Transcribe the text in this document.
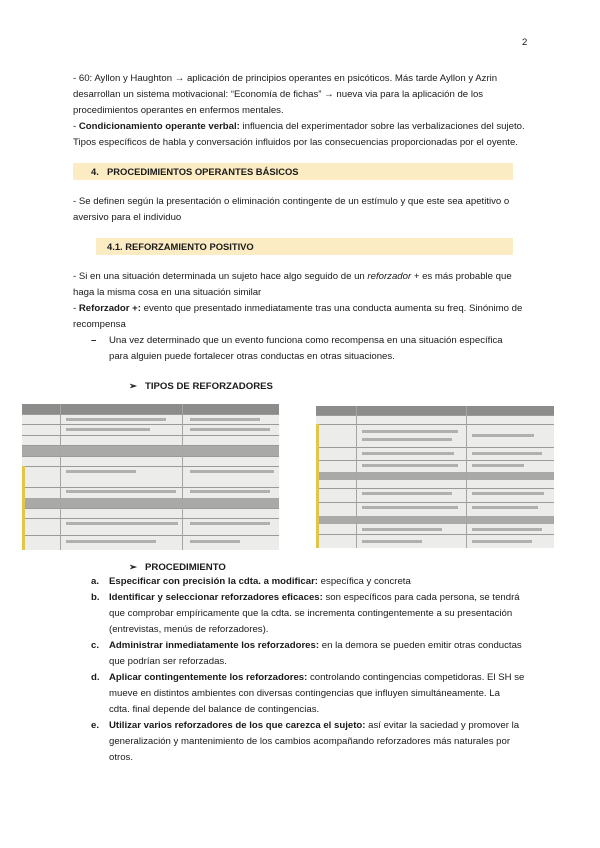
2
- 60: Ayllon y Haughton → aplicación de principios operantes en psicóticos. Más tarde Ayllon y Azrin
desarrollan un sistema motivacional: “Economía de fichas” → nueva via para la aplicación de los
procedimientos operantes en enfermos mentales.
- Condicionamiento operante verbal: influencia del experimentador sobre las verbalizaciones del sujeto.
Tipos específicos de habla y conversación influidos por las consecuencias proporcionadas por el oyente.
4. PROCEDIMIENTOS OPERANTES BÁSICOS
- Se definen según la presentación o eliminación contingente de un estímulo y que este sea apetitivo o
aversivo para el individuo
4.1. REFORZAMIENTO POSITIVO
- Si en una situación determinada un sujeto hace algo seguido de un reforzador + es más probable que
haga la misma cosa en una situación similar
- Reforzador +: evento que presentado inmediatamente tras una conducta aumenta su freq. Sinónimo de
recompensa
– Una vez determinado que un evento funciona como recompensa en una situación específica
para alguien puede fortalecer otras conductas en otras situaciones.
➢ TIPOS DE REFORZADORES
➢ PROCEDIMIENTO
a. Especificar con precisión la cdta. a modificar: específica y concreta
b. Identificar y seleccionar reforzadores eficaces: son específicos para cada persona, se tendrá
que comprobar empíricamente que la cdta. se incrementa contingentemente a su presentación
(entrevistas, menús de reforzadores).
c. Administrar inmediatamente los reforzadores: en la demora se pueden emitir otras conductas
que podrían ser reforzadas.
d. Aplicar contingentemente los reforzadores: controlando contingencias competidoras. El SH se
mueve en distintos ambientes con diversas contingencias que influyen simultáneamente. La
cdta. final depende del balance de contingencias.
e. Utilizar varios reforzadores de los que carezca el sujeto: así evitar la saciedad y promover la
generalización y mantenimiento de los cambios acompañando reforzadores más naturales por
otros.
